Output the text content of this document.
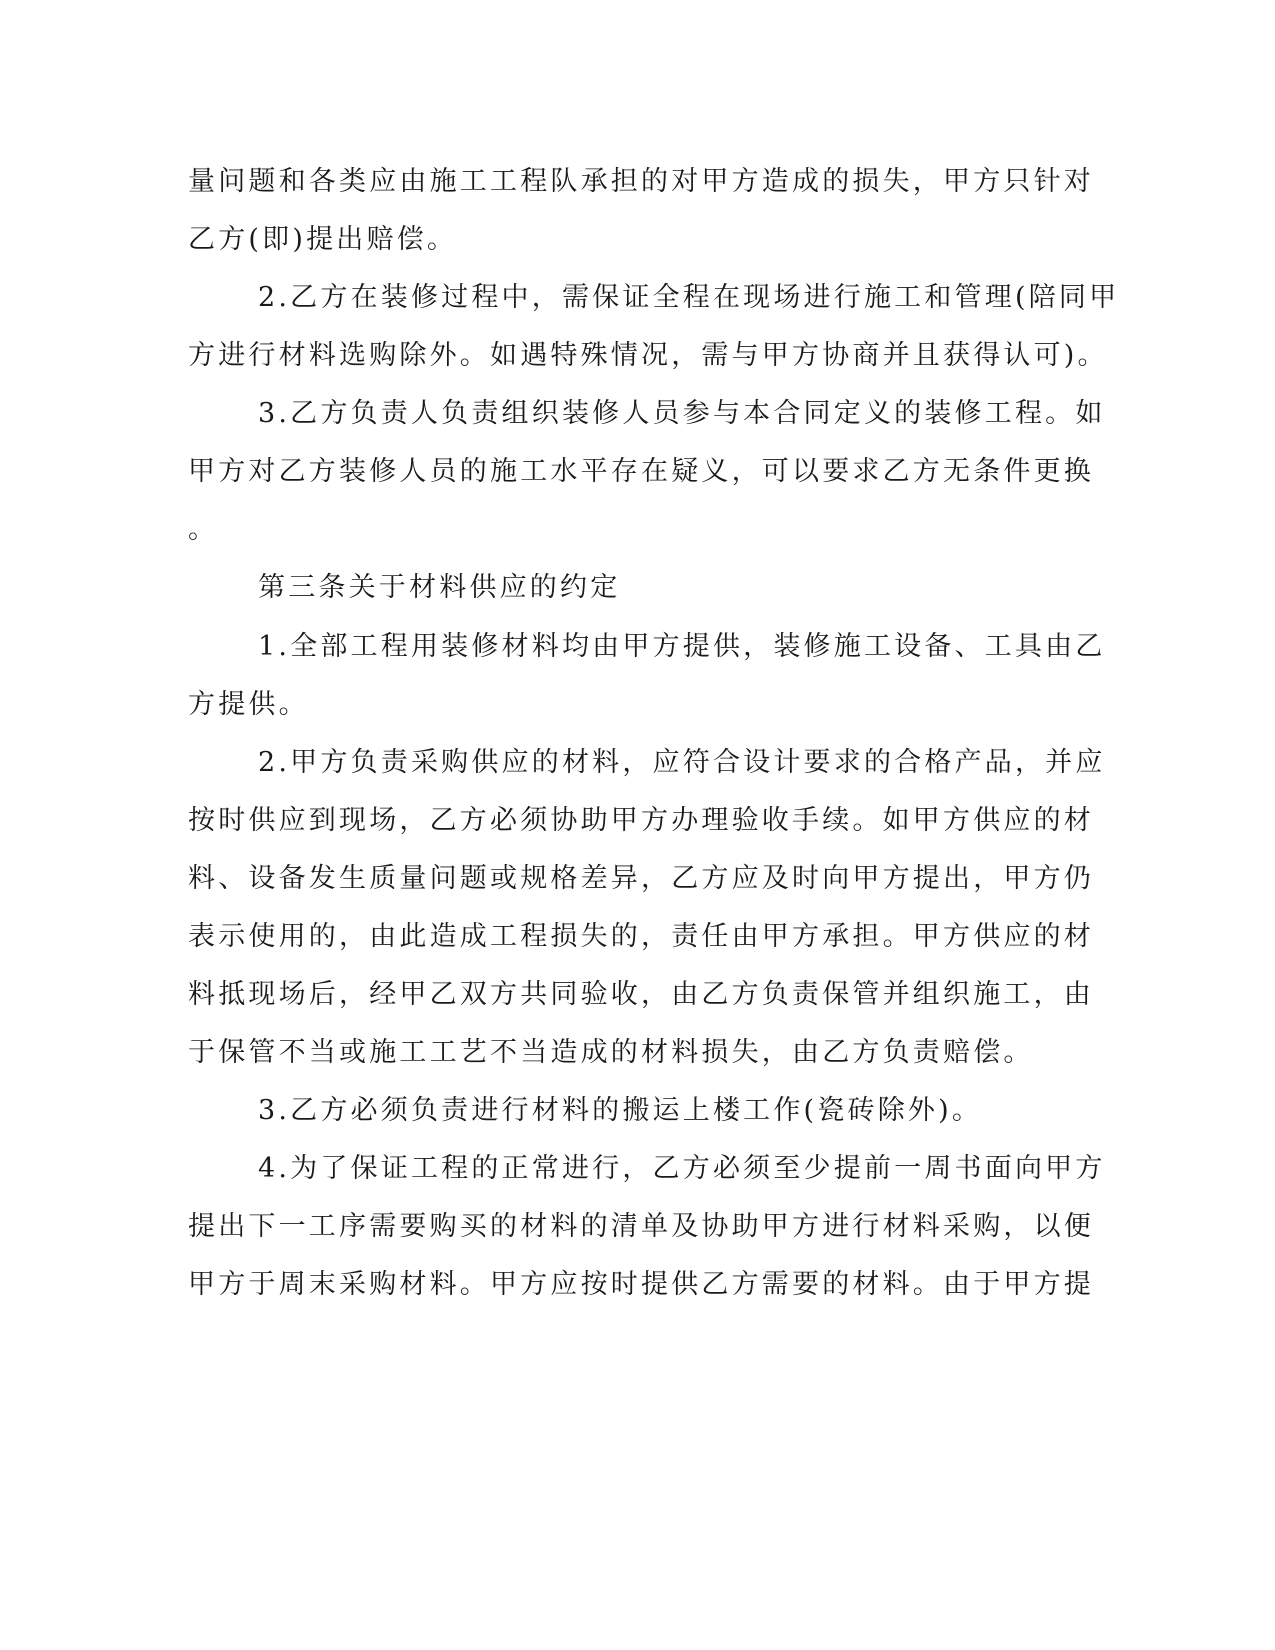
量问题和各类应由施工工程队承担的对甲方造成的损失，甲方只针对
乙方(即)提出赔偿。
2.乙方在装修过程中，需保证全程在现场进行施工和管理(陪同甲
方进行材料选购除外。如遇特殊情况，需与甲方协商并且获得认可)。
3.乙方负责人负责组织装修人员参与本合同定义的装修工程。如
甲方对乙方装修人员的施工水平存在疑义，可以要求乙方无条件更换
。
第三条关于材料供应的约定
1.全部工程用装修材料均由甲方提供，装修施工设备、工具由乙
方提供。
2.甲方负责采购供应的材料，应符合设计要求的合格产品，并应
按时供应到现场，乙方必须协助甲方办理验收手续。如甲方供应的材
料、设备发生质量问题或规格差异，乙方应及时向甲方提出，甲方仍
表示使用的，由此造成工程损失的，责任由甲方承担。甲方供应的材
料抵现场后，经甲乙双方共同验收，由乙方负责保管并组织施工，由
于保管不当或施工工艺不当造成的材料损失，由乙方负责赔偿。
3.乙方必须负责进行材料的搬运上楼工作(瓷砖除外)。
4.为了保证工程的正常进行，乙方必须至少提前一周书面向甲方
提出下一工序需要购买的材料的清单及协助甲方进行材料采购，以便
甲方于周末采购材料。甲方应按时提供乙方需要的材料。由于甲方提
